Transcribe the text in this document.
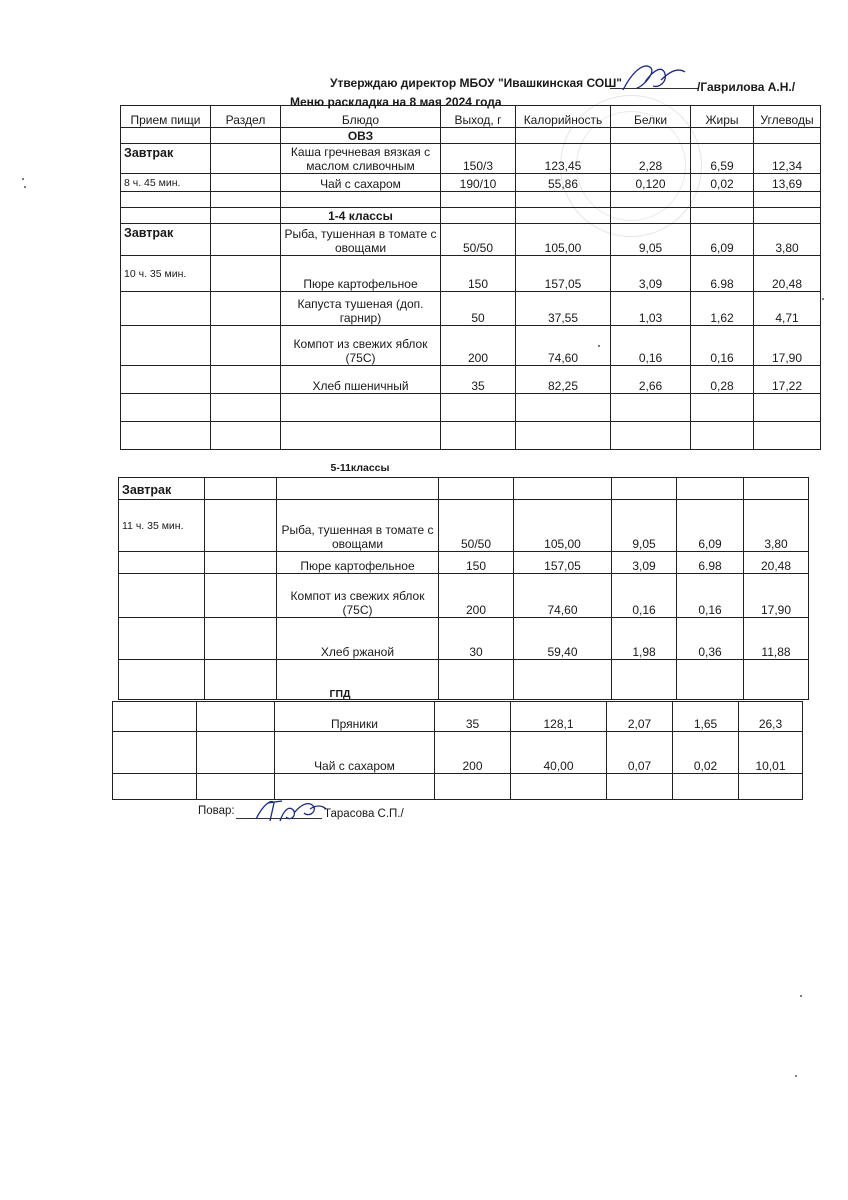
Утверждаю директор МБОУ "Ивашкинская СОШ"	/Гаврилова А.Н./
Меню раскладка на 8 мая 2024 года
Прием пищи	Раздел	Блюдо	Выход, г	Калорийность	Белки	Жиры	Углеводы
		ОВЗ					
Завтрак		Каша гречневая вязкая с маслом сливочным	150/3	123,45	2,28	6,59	12,34
8 ч. 45 мин.		Чай с сахаром	190/10	55,86	0,120	0,02	13,69

		1-4 классы					
Завтрак		Рыба, тушенная в томате с овощами	50/50	105,00	9,05	6,09	3,80
10 ч. 35 мин.		Пюре картофельное	150	157,05	3,09	6.98	20,48
		Капуста тушеная (доп. гарнир)	50	37,55	1,03	1,62	4,71
		Компот из свежих яблок (75С)	200	74,60	0,16	0,16	17,90
		Хлеб пшеничный	35	82,25	2,66	0,28	17,22

5-11классы
Завтрак							
11 ч. 35 мин.		Рыба, тушенная в томате с овощами	50/50	105,00	9,05	6,09	3,80
		Пюре картофельное	150	157,05	3,09	6.98	20,48
		Компот из свежих яблок (75С)	200	74,60	0,16	0,16	17,90
		Хлеб ржаной	30	59,40	1,98	0,36	11,88

ГПД
		Пряники	35	128,1	2,07	1,65	26,3
		Чай с сахаром	200	40,00	0,07	0,02	10,01

Повар:	Тарасова С.П./
